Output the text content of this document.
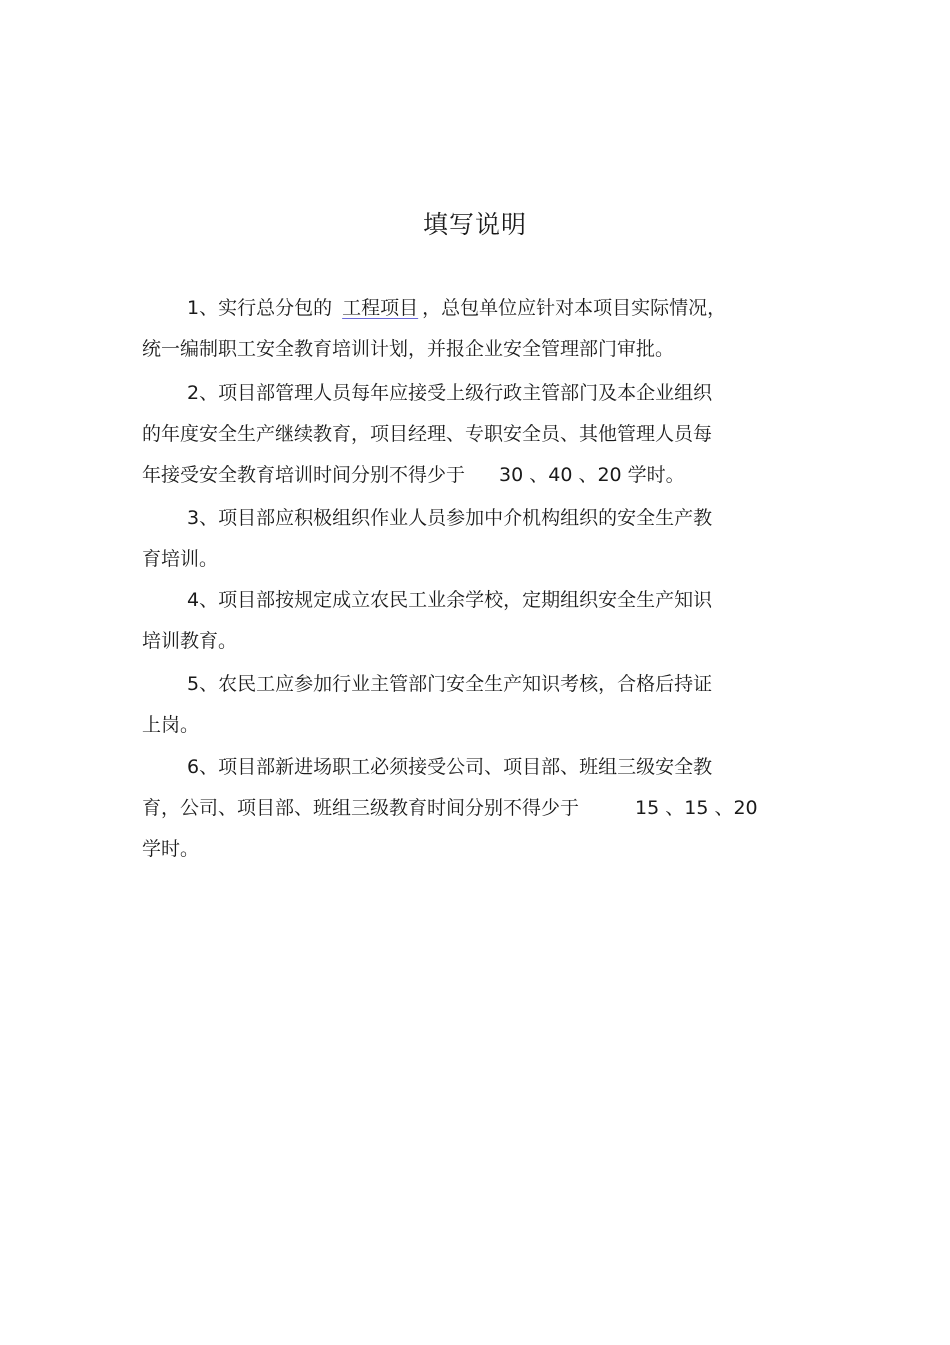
填写说明
1、实行总分包的 工程项目 ，总包单位应针对本项目实际情况，
统一编制职工安全教育培训计划，并报企业安全管理部门审批。
2、项目部管理人员每年应接受上级行政主管部门及本企业组织
的年度安全生产继续教育，项目经理、专职安全员、其他管理人员每
年接受安全教育培训时间分别不得少于 30 、40 、20 学时。
3、项目部应积极组织作业人员参加中介机构组织的安全生产教
育培训。
4、项目部按规定成立农民工业余学校，定期组织安全生产知识
培训教育。
5、农民工应参加行业主管部门安全生产知识考核，合格后持证
上岗。
6、项目部新进场职工必须接受公司、项目部、班组三级安全教
育，公司、项目部、班组三级教育时间分别不得少于	15 、15 、20
学时。
